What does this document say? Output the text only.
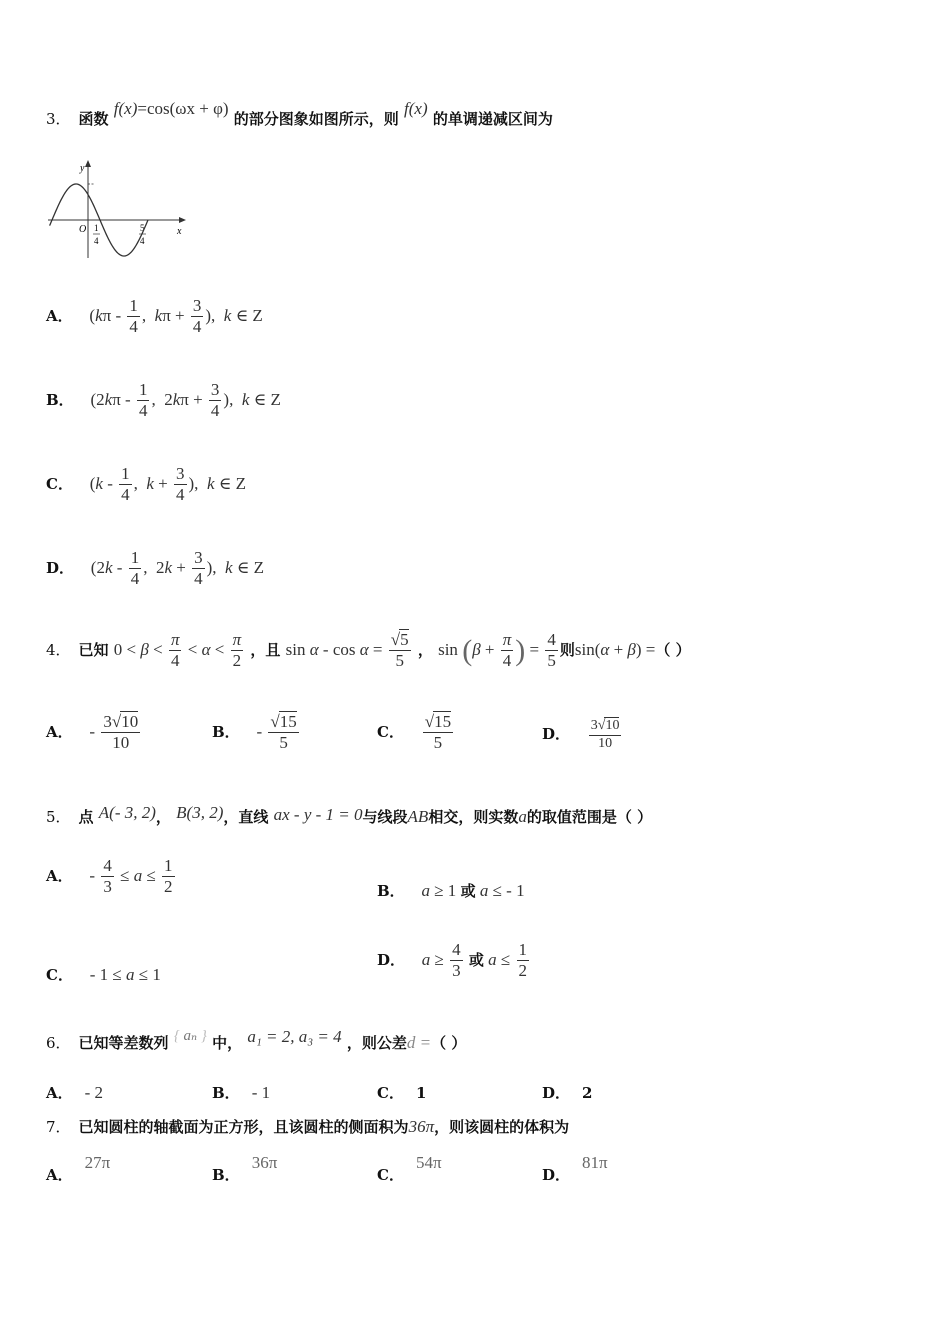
3． 函数 f(x)=cos(ωx + φ) 的部分图象如图所示，则 f(x) 的单调递减区间为
y
x
O 1
4
5
4
A． ($k\pi - \frac{1}{4}$ ,  $k\pi + \frac{3}{4}$ ),  k ∈ Z
B． ($2k\pi - \frac{1}{4}$ ,  $2k\pi + \frac{3}{4}$ ),  k ∈ Z
C． ($k - \frac{1}{4}$ ,  $k + \frac{3}{4}$ ),  k ∈ Z
D． ($2k - \frac{1}{4}$ ,  $2k + \frac{3}{4}$ ),  k ∈ Z
4． 已知 $0 < \beta < \frac{\pi}{4} < \alpha < \frac{\pi}{2}$ ，且 $\sin \alpha - \cos \alpha = \frac{√5}{5}$ ， $\sin (\beta + \frac{\pi}{4}$ ) = $\frac{4}{5}$ 则sin(α + β) =（ ）
A． - $\frac{3√10}{10}$	B． - $\frac{√15}{5}$	C． $\frac{√15}{5}$	D． $\frac{3√10}{10}$
5． 点 A(- 3, 2)， B(3, 2)，直线 ax - y - 1 = 0与线段AB相交，则实数a的取值范围是（ ）
A． - $\frac{4}{3} \le a \le \frac{1}{2}$	B． a ≥ 1 或 a ≤ - 1
C． - 1 ≤ a ≤ 1
D． $a \ge \frac{4}{3}$ 或 $a \le \frac{1}{2}$
6． 已知等差数列 { aₙ } 中， a₁ = 2, a₃ = 4 ，则公差d =（ ）
A． - 2	B． - 1	C． 1	D． 2
7． 已知圆柱的轴截面为正方形，且该圆柱的侧面积为36π，则该圆柱的体积为
A．27π
B．36π
C．54π
D．81π
